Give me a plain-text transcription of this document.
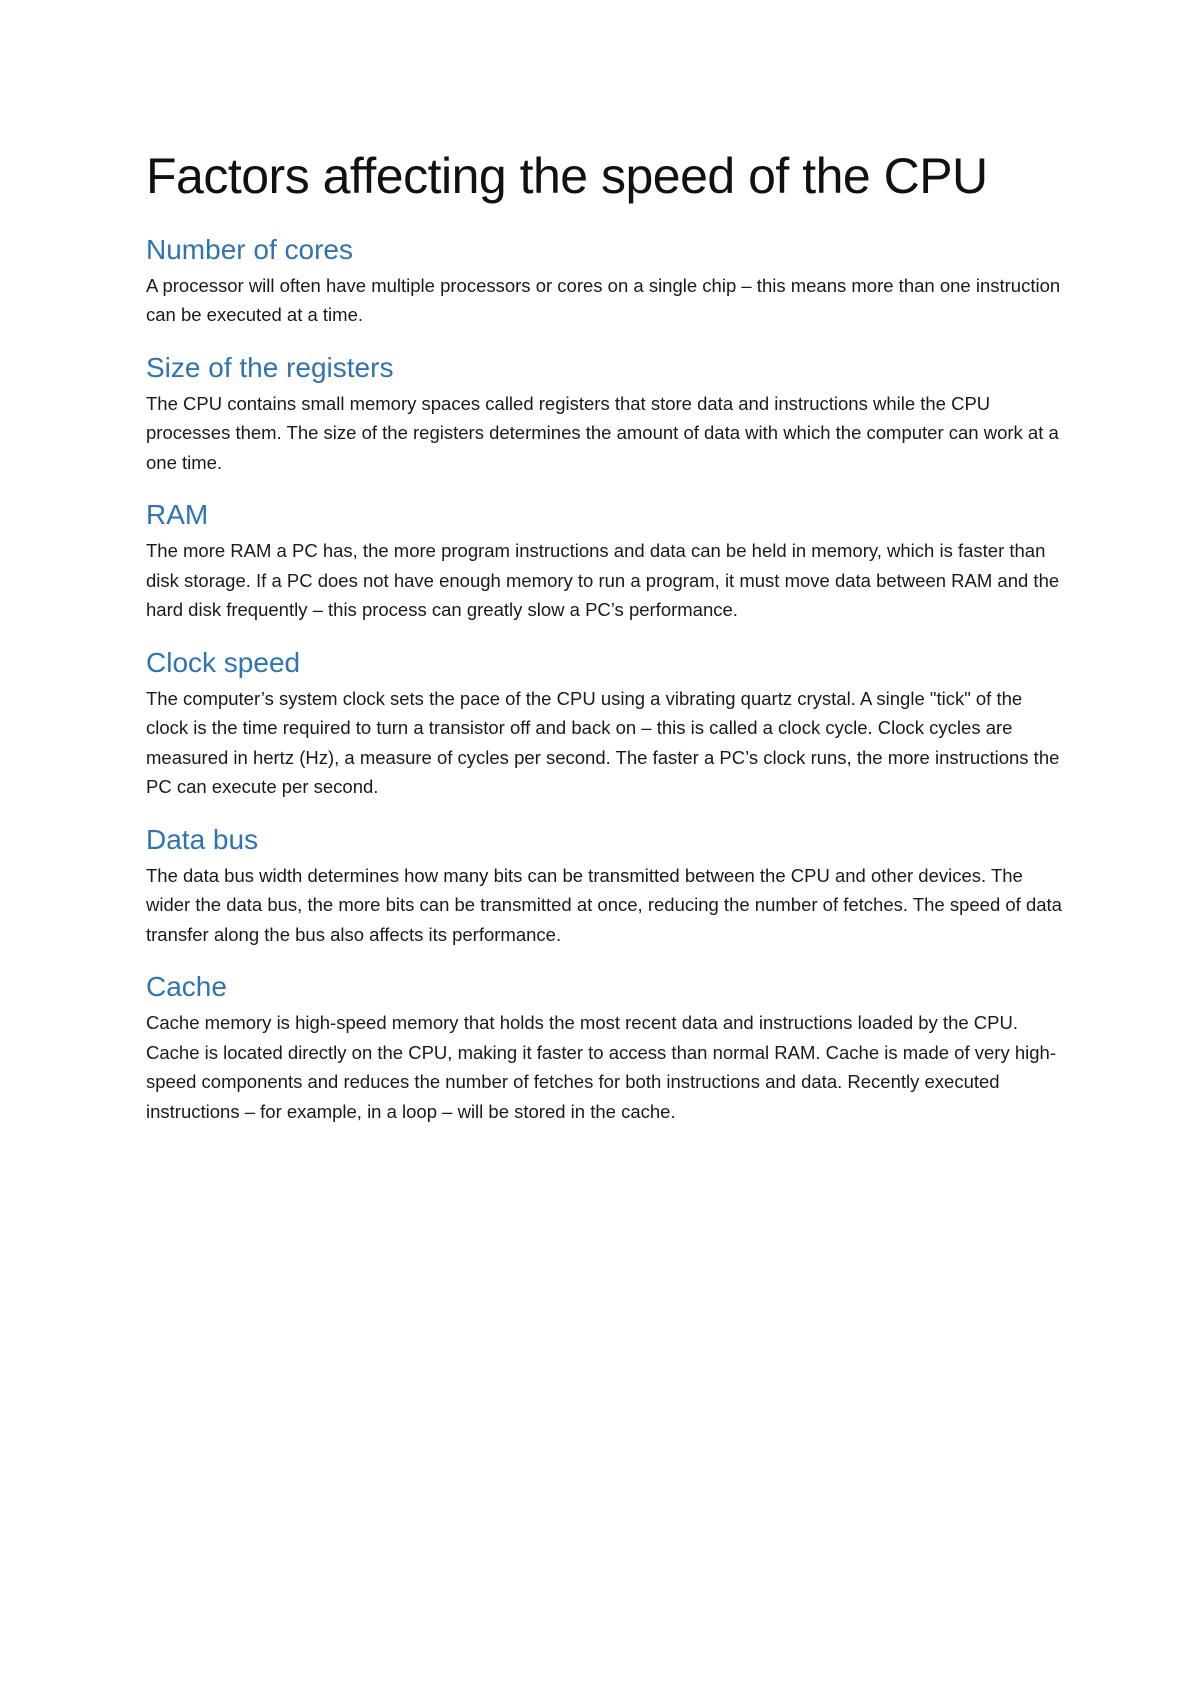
Factors affecting the speed of the CPU
Number of cores

A processor will often have multiple processors or cores on a single chip – this means more than one instruction can be executed at a time.

Size of the registers

The CPU contains small memory spaces called registers that store data and instructions while the CPU processes them. The size of the registers determines the amount of data with which the computer can work at a one time.

RAM

The more RAM a PC has, the more program instructions and data can be held in memory, which is faster than disk storage. If a PC does not have enough memory to run a program, it must move data between RAM and the hard disk frequently – this process can greatly slow a PC’s performance.

Clock speed

The computer’s system clock sets the pace of the CPU using a vibrating quartz crystal. A single "tick" of the clock is the time required to turn a transistor off and back on – this is called a clock cycle. Clock cycles are measured in hertz (Hz), a measure of cycles per second. The faster a PC’s clock runs, the more instructions the PC can execute per second.

Data bus

The data bus width determines how many bits can be transmitted between the CPU and other devices. The wider the data bus, the more bits can be transmitted at once, reducing the number of fetches. The speed of data transfer along the bus also affects its performance.

Cache

Cache memory is high-speed memory that holds the most recent data and instructions loaded by the CPU. Cache is located directly on the CPU, making it faster to access than normal RAM. Cache is made of very high-speed components and reduces the number of fetches for both instructions and data. Recently executed instructions – for example, in a loop – will be stored in the cache.
